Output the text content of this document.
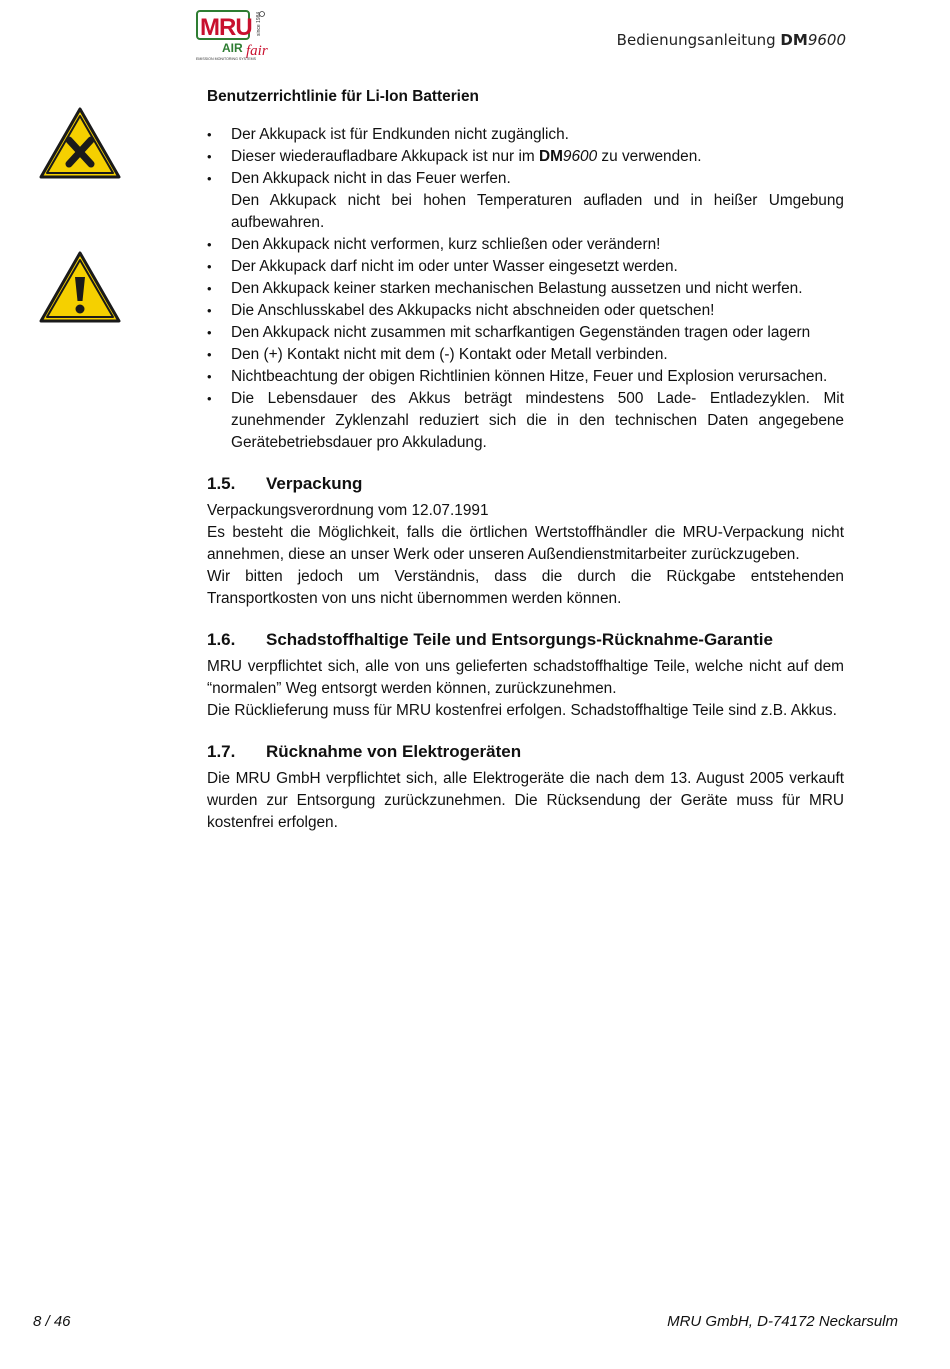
MRU
AIR fair
since 1984
EMISSION MONITORING SYSTEMS
Bedienungsanleitung DM9600

Benutzerrichtlinie für Li-Ion Batterien

• Der Akkupack ist für Endkunden nicht zugänglich.
• Dieser wiederaufladbare Akkupack ist nur im DM9600 zu verwenden.
• Den Akkupack nicht in das Feuer werfen.
Den Akkupack nicht bei hohen Temperaturen aufladen und in heißer Umgebung aufbewahren.
• Den Akkupack nicht verformen, kurz schließen oder verändern!
• Der Akkupack darf nicht im oder unter Wasser eingesetzt werden.
• Den Akkupack keiner starken mechanischen Belastung aussetzen und nicht werfen.
• Die Anschlusskabel des Akkupacks nicht abschneiden oder quetschen!
• Den Akkupack nicht zusammen mit scharfkantigen Gegenständen tragen oder lagern
• Den (+) Kontakt nicht mit dem (-) Kontakt oder Metall verbinden.
• Nichtbeachtung der obigen Richtlinien können Hitze, Feuer und Explosion verursachen.
• Die Lebensdauer des Akkus beträgt mindestens 500 Lade- Entladezyklen. Mit zunehmender Zyklenzahl reduziert sich die in den technischen Daten angegebene Gerätebetriebsdauer pro Akkuladung.
1.5.	Verpackung

Verpackungsverordnung vom 12.07.1991

Es besteht die Möglichkeit, falls die örtlichen Wertstoffhändler die MRU-Verpackung nicht annehmen, diese an unser Werk oder unseren Außendienstmitarbeiter zurückzugeben.

Wir bitten jedoch um Verständnis, dass die durch die Rückgabe entstehenden Transportkosten von uns nicht übernommen werden können.

1.6.	Schadstoffhaltige Teile und Entsorgungs-Rücknahme-Garantie

MRU verpflichtet sich, alle von uns gelieferten schadstoffhaltige Teile, welche nicht auf dem “normalen” Weg entsorgt werden können, zurückzunehmen.

Die Rücklieferung muss für MRU kostenfrei erfolgen. Schadstoffhaltige Teile sind z.B. Akkus.

1.7.	Rücknahme von Elektrogeräten

Die MRU GmbH verpflichtet sich, alle Elektrogeräte die nach dem 13. August 2005 verkauft wurden zur Entsorgung zurückzunehmen. Die Rücksendung der Geräte muss für MRU kostenfrei erfolgen.

8 / 46	MRU GmbH, D-74172 Neckarsulm
